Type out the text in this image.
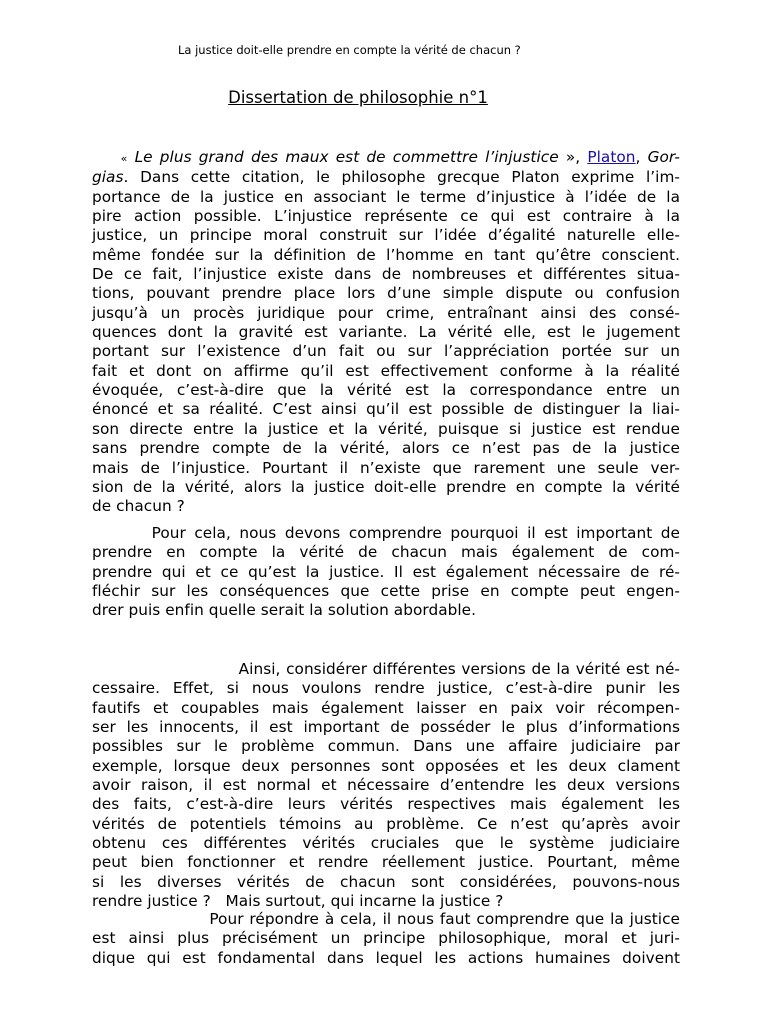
La justice doit-elle prendre en compte la vérité de chacun ?
Dissertation de philosophie n°1
« Le plus grand des maux est de commettre l’injustice », Platon, Gor-
gias. Dans cette citation, le philosophe grecque Platon exprime l’im-
portance de la justice en associant le terme d’injustice à l’idée de la
pire action possible. L’injustice représente ce qui est contraire à la
justice, un principe moral construit sur l’idée d’égalité naturelle elle-
même fondée sur la définition de l’homme en tant qu’être conscient.
De ce fait, l’injustice existe dans de nombreuses et différentes situa-
tions, pouvant prendre place lors d’une simple dispute ou confusion
jusqu’à un procès juridique pour crime, entraînant ainsi des consé-
quences dont la gravité est variante. La vérité elle, est le jugement
portant sur l’existence d’un fait ou sur l’appréciation portée sur un
fait et dont on affirme qu’il est effectivement conforme à la réalité
évoquée, c’est-à-dire que la vérité est la correspondance entre un
énoncé et sa réalité. C’est ainsi qu’il est possible de distinguer la liai-
son directe entre la justice et la vérité, puisque si justice est rendue
sans prendre compte de la vérité, alors ce n’est pas de la justice
mais de l’injustice. Pourtant il n’existe que rarement une seule ver-
sion de la vérité, alors la justice doit-elle prendre en compte la vérité
de chacun ?
Pour cela, nous devons comprendre pourquoi il est important de
prendre en compte la vérité de chacun mais également de com-
prendre qui et ce qu’est la justice. Il est également nécessaire de ré-
fléchir sur les conséquences que cette prise en compte peut engen-
drer puis enfin quelle serait la solution abordable.
Ainsi, considérer différentes versions de la vérité est né-
cessaire. Effet, si nous voulons rendre justice, c’est-à-dire punir les
fautifs et coupables mais également laisser en paix voir récompen-
ser les innocents, il est important de posséder le plus d’informations
possibles sur le problème commun. Dans une affaire judiciaire par
exemple, lorsque deux personnes sont opposées et les deux clament
avoir raison, il est normal et nécessaire d’entendre les deux versions
des faits, c’est-à-dire leurs vérités respectives mais également les
vérités de potentiels témoins au problème. Ce n’est qu’après avoir
obtenu ces différentes vérités cruciales que le système judiciaire
peut bien fonctionner et rendre réellement justice. Pourtant, même
si les diverses vérités de chacun sont considérées, pouvons-nous
rendre justice ?   Mais surtout, qui incarne la justice ?
Pour répondre à cela, il nous faut comprendre que la justice
est ainsi plus précisément un principe philosophique, moral et juri-
dique qui est fondamental dans lequel les actions humaines doivent
